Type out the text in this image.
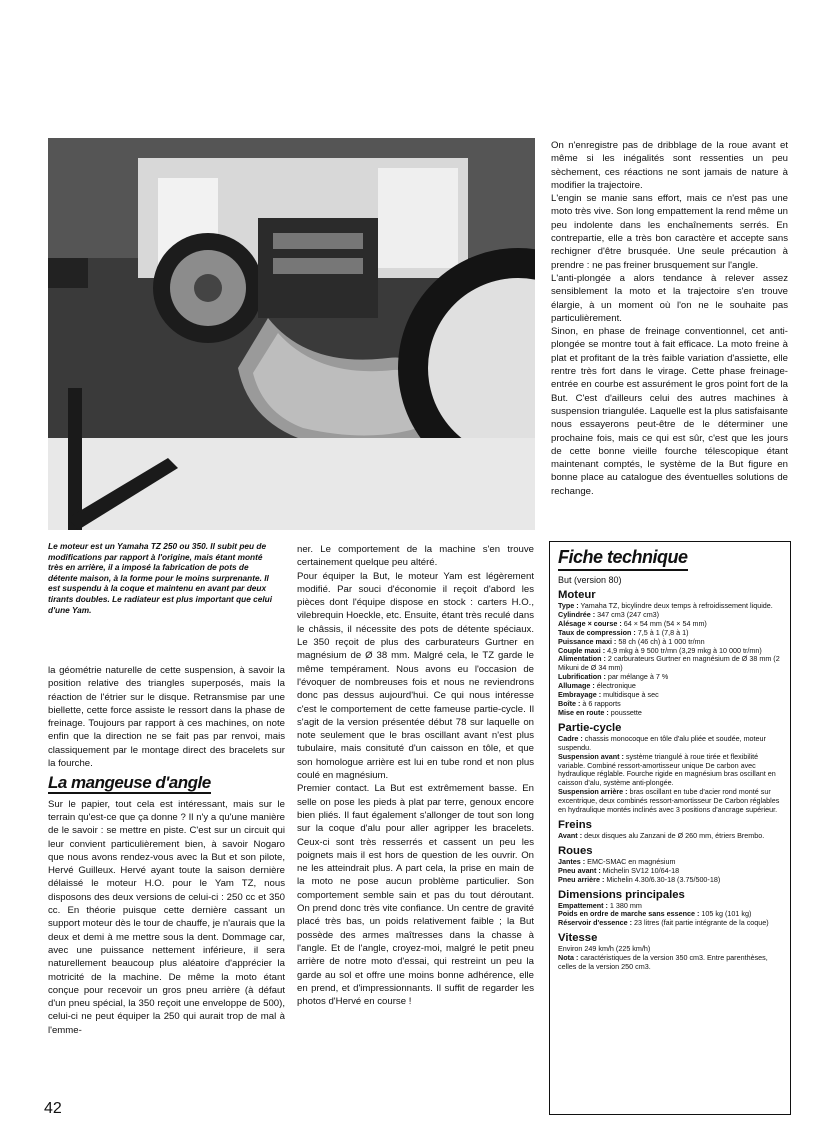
Le moteur est un Yamaha TZ 250 ou 350. Il subit peu de modifications par rapport à l'origine, mais étant monté très en arrière, il a imposé la fabrication de pots de détente maison, à la forme pour le moins surprenante. Il est suspendu à la coque et maintenu en avant par deux tirants doubles. Le radiateur est plus important que celui d'une Yam.

la géométrie naturelle de cette suspension, à savoir la position relative des triangles superposés, mais la réaction de l'étrier sur le disque. Retransmise par une biellette, cette force assiste le ressort dans la phase de freinage. Toujours par rapport à ces machines, on note enfin que la direction ne se fait pas par renvoi, mais classiquement par le montage direct des bracelets sur la fourche.

La mangeuse d'angle

Sur le papier, tout cela est intéressant, mais sur le terrain qu'est-ce que ça donne ? Il n'y a qu'une manière de le savoir : se mettre en piste. C'est sur un circuit qui leur convient particulièrement bien, à savoir Nogaro que nous avons rendez-vous avec la But et son pilote, Hervé Guilleux. Hervé ayant toute la saison dernière délaissé le moteur H.O. pour le Yam TZ, nous disposons des deux versions de celui-ci : 250 cc et 350 cc. En théorie puisque cette dernière cassant un support moteur dès le tour de chauffe, je n'aurais que la deux et demi à me mettre sous la dent. Dommage car, avec une puissance nettement inférieure, il sera naturellement beaucoup plus aléatoire d'apprécier la motricité de la machine. De même la moto étant conçue pour recevoir un gros pneu arrière (à défaut d'un pneu spécial, la 350 reçoit une enveloppe de 500), celui-ci ne peut équiper la 250 qui aurait trop de mal à l'emme-

ner. Le comportement de la machine s'en trouve certainement quelque peu altéré.

Pour équiper la But, le moteur Yam est légèrement modifié. Par souci d'économie il reçoit d'abord les pièces dont l'équipe dispose en stock : carters H.O., vilebrequin Hoeckle, etc. Ensuite, étant très reculé dans le châssis, il nécessite des pots de détente spéciaux. Le 350 reçoit de plus des carburateurs Gurtner en magnésium de Ø 38 mm. Malgré cela, le TZ garde le même tempérament. Nous avons eu l'occasion de l'évoquer de nombreuses fois et nous ne reviendrons donc pas dessus aujourd'hui. Ce qui nous intéresse c'est le comportement de cette fameuse partie-cycle. Il s'agit de la version présentée début 78 sur laquelle on note seulement que le bras oscillant avant n'est plus tubulaire, mais consituté d'un caisson en tôle, et que son homologue arrière est lui en tube rond et non plus coulé en magnésium.

Premier contact. La But est extrêmement basse. En selle on pose les pieds à plat par terre, genoux encore bien pliés. Il faut également s'allonger de tout son long sur la coque d'alu pour aller agripper les bracelets. Ceux-ci sont très resserrés et cassent un peu les poignets mais il est hors de question de les ouvrir. On ne les atteindrait plus. A part cela, la prise en main de la moto ne pose aucun problème particulier. Son comportement semble sain et pas du tout déroutant. On prend donc très vite confiance. Un centre de gravité placé très bas, un poids relativement faible ; la But possède des armes maîtresses dans la chasse à l'angle. Et de l'angle, croyez-moi, malgré le petit pneu arrière de notre moto d'essai, qui restreint un peu la garde au sol et offre une moins bonne adhérence, elle en prend, et d'impressionnants. Il suffit de regarder les photos d'Hervé en course !

On n'enregistre pas de dribblage de la roue avant et même si les inégalités sont ressenties un peu sèchement, ces réactions ne sont jamais de nature à modifier la trajectoire.

L'engin se manie sans effort, mais ce n'est pas une moto très vive. Son long empattement la rend même un peu indolente dans les enchaînements serrés. En contrepartie, elle a très bon caractère et accepte sans rechigner d'être brusquée. Une seule précaution à prendre : ne pas freiner brusquement sur l'angle.

L'anti-plongée a alors tendance à relever assez sensiblement la moto et la trajectoire s'en trouve élargie, à un moment où l'on ne le souhaite pas particulièrement.

Sinon, en phase de freinage conventionnel, cet anti-plongée se montre tout à fait efficace. La moto freine à plat et profitant de la très faible variation d'assiette, elle rentre très fort dans le virage. Cette phase freinage-entrée en courbe est assurément le gros point fort de la But. C'est d'ailleurs celui des autres machines à suspension triangulée. Laquelle est la plus satisfaisante nous essayerons peut-être de le déterminer une prochaine fois, mais ce qui est sûr, c'est que les jours de cette bonne vieille fourche télescopique étant maintenant comptés, le système de la But figure en bonne place au catalogue des éventuelles solutions de rechange.

Fiche technique

But (version 80)

Moteur

Type : Yamaha TZ, bicylindre deux temps à refroidissement liquide.

Cylindrée : 347 cm3 (247 cm3)

Alésage × course : 64 × 54 mm (54 × 54 mm)

Taux de compression : 7,5 à 1 (7,8 à 1)

Puissance maxi : 58 ch (46 ch) à 1 000 tr/mn

Couple maxi : 4,9 mkg à 9 500 tr/mn (3,29 mkg à 10 000 tr/mn)

Alimentation : 2 carburateurs Gurtner en magnésium de Ø 38 mm (2 Mikuni de Ø 34 mm)

Lubrification : par mélange à 7 %

Allumage : électronique

Embrayage : multidisque à sec

Boîte : à 6 rapports

Mise en route : poussette

Partie-cycle

Cadre : chassis monocoque en tôle d'alu pliée et soudée, moteur suspendu.

Suspension avant : système triangulé à roue tirée et flexibilité variable. Combiné ressort-amortisseur unique De carbon avec hydraulique réglable. Fourche rigide en magnésium bras oscillant en caisson d'alu, système anti-plongée.

Suspension arrière : bras oscillant en tube d'acier rond monté sur excentrique, deux combinés ressort-amortisseur De Carbon réglables en hydraulique montés inclinés avec 3 positions d'ancrage supérieur.

Freins

Avant : deux disques alu Zanzani de Ø 260 mm, étriers Brembo.

Roues

Jantes : EMC-SMAC en magnésium

Pneu avant : Michelin SV12 10/64-18

Pneu arrière : Michelin 4.30/6.30-18 (3.75/500-18)

Dimensions principales

Empattement : 1 380 mm

Poids en ordre de marche sans essence : 105 kg (101 kg)

Réservoir d'essence : 23 litres (fait partie intégrante de la coque)

Vitesse

Environ 249 km/h (225 km/h)

Nota : caractéristiques de la version 350 cm3. Entre parenthèses, celles de la version 250 cm3.

42
